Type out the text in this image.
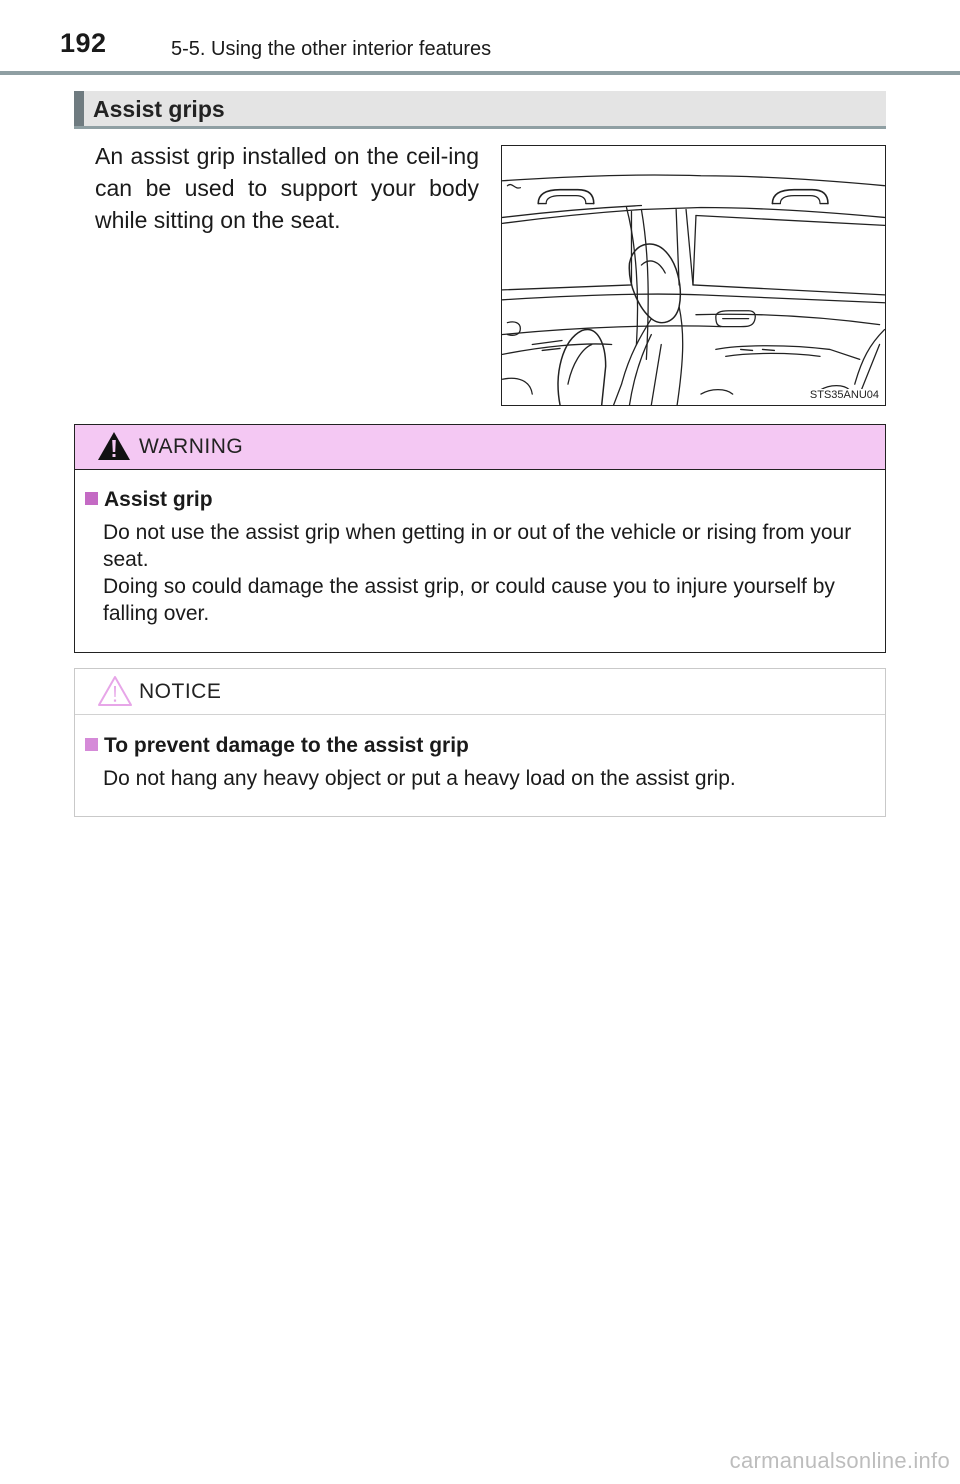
192	5-5. Using the other interior features
Assist grips
An assist grip installed on the ceil-ing can be used to support your body while sitting on the seat.
STS35ANU04
WARNING
Assist grip

Do not use the assist grip when getting in or out of the vehicle or rising from your seat.

Doing so could damage the assist grip, or could cause you to injure yourself by falling over.

NOTICE
To prevent damage to the assist grip

Do not hang any heavy object or put a heavy load on the assist grip.

carmanualsonline.info
